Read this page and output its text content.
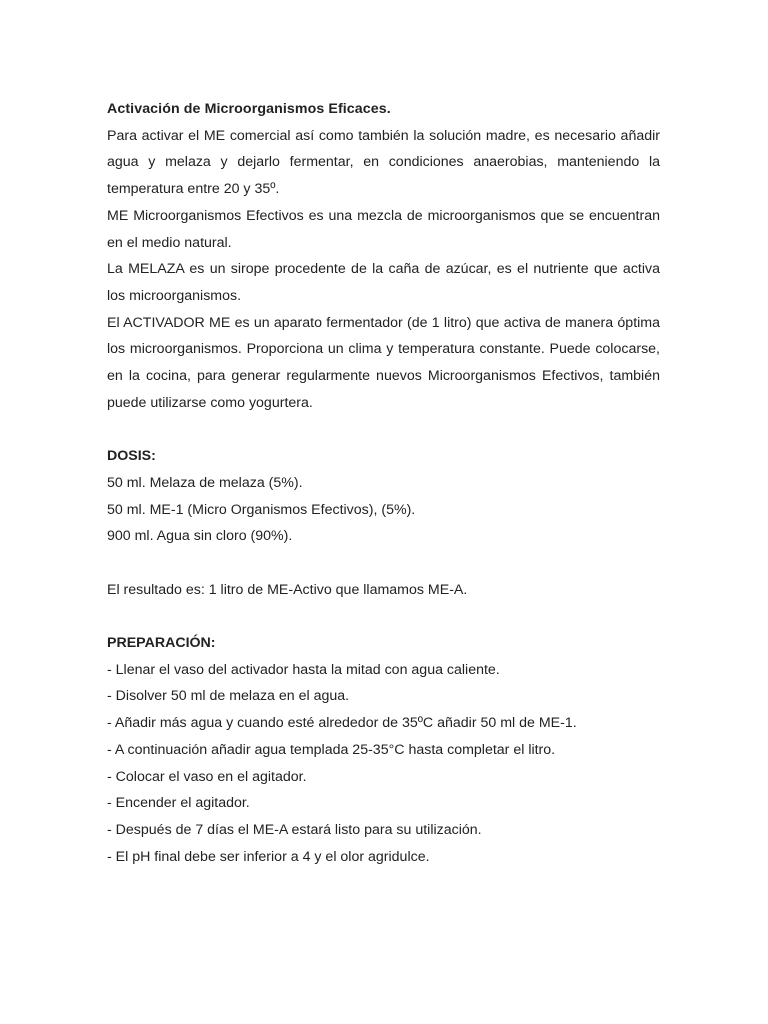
Activación de Microorganismos Eficaces.

Para activar el ME comercial así como también la solución madre, es necesario añadir agua y melaza y dejarlo fermentar, en condiciones anaerobias, manteniendo la temperatura entre 20 y 35º.

ME Microorganismos Efectivos es una mezcla de microorganismos que se encuentran en el medio natural.

La MELAZA es un sirope procedente de la caña de azúcar, es el nutriente que activa los microorganismos.

El ACTIVADOR ME es un aparato fermentador (de 1 litro) que activa de manera óptima los microorganismos. Proporciona un clima y temperatura constante. Puede colocarse, en la cocina, para generar regularmente nuevos Microorganismos Efectivos, también puede utilizarse como yogurtera.

DOSIS:

50 ml. Melaza de melaza (5%).

50 ml. ME-1 (Micro Organismos Efectivos), (5%).

900 ml. Agua sin cloro (90%).

El resultado es: 1 litro de ME-Activo que llamamos ME-A.

PREPARACIÓN:

- Llenar el vaso del activador hasta la mitad con agua caliente.

- Disolver 50 ml de melaza en el agua.

- Añadir más agua y cuando esté alrededor de 35ºC añadir 50 ml de ME-1.

- A continuación añadir agua templada 25-35°C hasta completar el litro.

- Colocar el vaso en el agitador.

- Encender el agitador.

- Después de 7 días el ME-A estará listo para su utilización.

- El pH final debe ser inferior a 4 y el olor agridulce.
